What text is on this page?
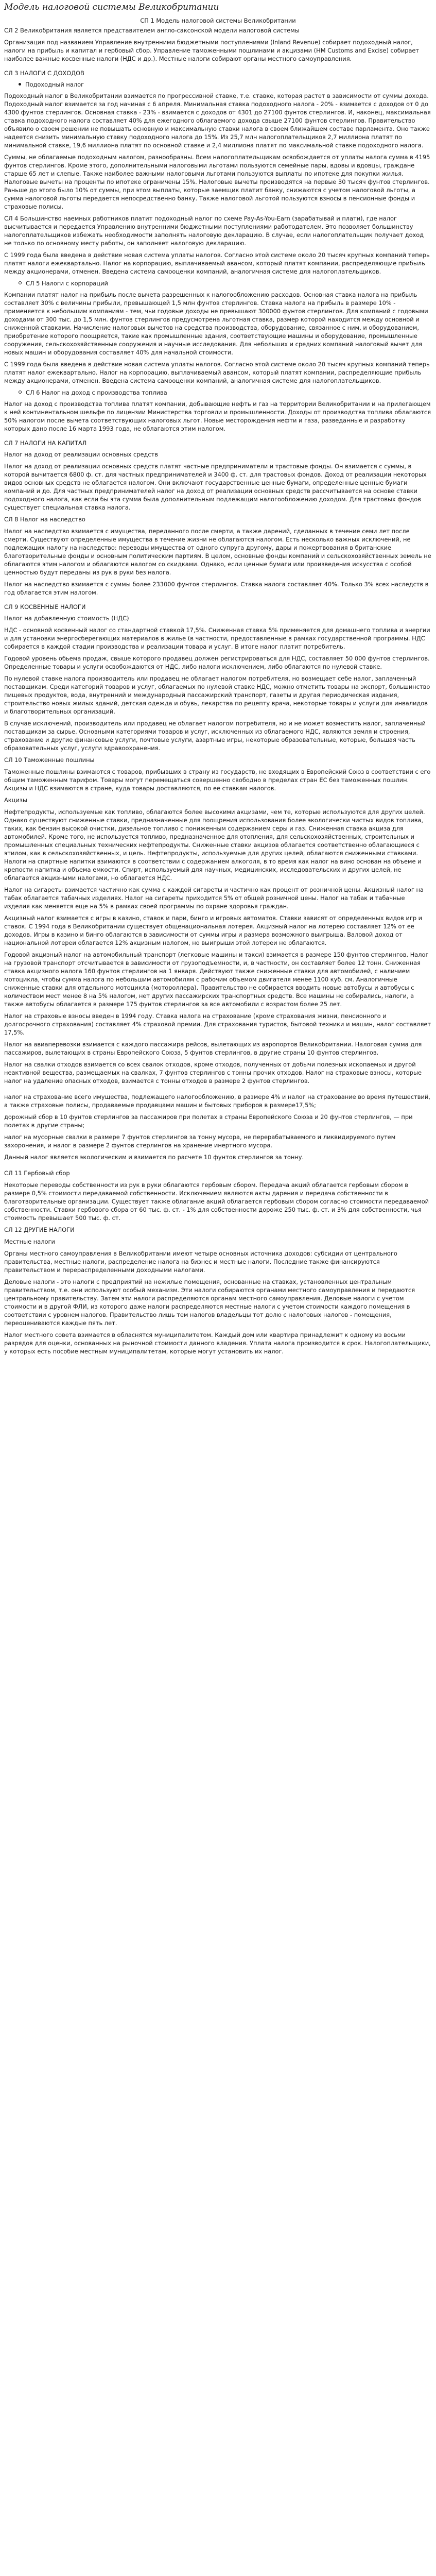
Модель налоговой системы Великобритании
СП 1 Модель налоговой системы Великобритании
СЛ 2 Великобритания является представителем англо-саксонской модели налоговой системы
Организация под названием Управление внутренними бюджетными поступлениями (Inland Revenue) собирает подоходный налог, налоги на прибыль и капитал и гербовый сбор. Управление таможенными пошлинами и акцизами (HM Customs and Excise) собирает наиболее важные косвенные налоги (НДС и др.). Местные налоги собирают органы местного самоуправления.
СЛ 3 НАЛОГИ С ДОХОДОВ
Подоходный налог
Подоходный налог в Великобритании взимается по прогрессивной ставке, т.е. ставке, которая растет в зависимости от суммы дохода. Подоходный налог взимается за год начиная с 6 апреля. Минимальная ставка подоходного налога - 20% - взимается с доходов от 0 до 4300 фунтов стерлингов. Основная ставка - 23% - взимается с доходов от 4301 до 27100 фунтов стерлингов. И, наконец, максимальная ставка подоходного налога составляет 40% для ежегодного облагаемого дохода свыше 27100 фунтов стерлингов. Правительство объявило о своем решении не повышать основную и максимальную ставки налога в своем ближайшем составе парламента. Оно также надеется снизить минимальную ставку подоходного налога до 15%. Из 25,7 млн налогоплательщиков 2,7 миллиона платят по минимальной ставке, 19,6 миллиона платят по основной ставке и 2,4 миллиона платят по максимальной ставке подоходного налога.
Суммы, не облагаемые подоходным налогом, разнообразны. Всем налогоплательщикам освобождается от уплаты налога сумма в 4195 фунтов стерлингов. Кроме этого, дополнительными налоговыми льготами пользуются семейные пары, вдовы и вдовцы, граждане старше 65 лет и слепые. Также наиболее важными налоговыми льготами пользуются выплаты по ипотеке для покупки жилья. Налоговые вычеты на проценты по ипотеке ограничены 15%. Налоговые вычеты производятся на первые 30 тысяч фунтов стерлингов. Раньше до этого было 10% от суммы, при этом выплаты, которые заемщик платит банку, снижаются с учетом налоговой льготы, а сумма налоговой льготы передается непосредственно банку. Также налоговой льготой пользуются взносы в пенсионные фонды и страховые полисы.
СЛ 4 Большинство наемных работников платит подоходный налог по схеме Pay-As-You-Earn (зарабатывай и плати), где налог высчитывается и передается Управлению внутренними бюджетными поступлениями работодателем. Это позволяет большинству налогоплательщиков избежать необходимости заполнять налоговую декларацию. В случае, если налогоплательщик получает доход не только по основному месту работы, он заполняет налоговую декларацию.
С 1999 года была введена в действие новая система уплаты налогов. Согласно этой системе около 20 тысяч крупных компаний теперь платят налоги ежеквартально. Налог на корпорацию, выплачиваемый авансом, который платят компании, распределяющие прибыль между акционерами, отменен. Введена система самооценки компаний, аналогичная системе для налогоплательщиков.
СЛ 5 Налоги с корпораций
Компании платят налог на прибыль после вычета разрешенных к налогообложению расходов. Основная ставка налога на прибыль составляет 30% с величины прибыли, превышающей 1,5 млн фунтов стерлингов. Ставка налога на прибыль в размере 10% - применяется к небольшим компаниям - тем, чьи годовые доходы не превышают 300000 фунтов стерлингов. Для компаний с годовыми доходами от 300 тыс. до 1,5 млн. фунтов стерлингов предусмотрена льготная ставка, размер которой находится между основной и сниженной ставками. Начисление налоговых вычетов на средства производства, оборудование, связанное с ним, и оборудованием, приобретение которого поощряется, такие как промышленные здания, соответствующие машины и оборудование, промышленные сооружения, сельскохозяйственные сооружения и научные исследования. Для небольших и средних компаний налоговый вычет для новых машин и оборудования составляет 40% для начальной стоимости.
С 1999 года была введена в действие новая система уплаты налогов. Согласно этой системе около 20 тысяч крупных компаний теперь платят налог ежеквартально. Налог на корпорацию, выплачиваемый авансом, который платят компании, распределяющие прибыль между акционерами, отменен. Введена система самооценки компаний, аналогичная системе для налогоплательщиков.
СЛ 6 Налог на доход с производства топлива
Налог на доход с производства топлива платят компании, добывающие нефть и газ на территории Великобритании и на прилегающем к ней континентальном шельфе по лицензии Министерства торговли и промышленности. Доходы от производства топлива облагаются 50% налогом после вычета соответствующих налоговых льгот. Новые месторождения нефти и газа, разведанные и разработку которых дано после 16 марта 1993 года, не облагаются этим налогом.
СЛ 7 НАЛОГИ НА КАПИТАЛ
Налог на доход от реализации основных средств
Налог на доход от реализации основных средств платят частные предприниматели и трастовые фонды. Он взимается с суммы, в которой вычитается 6800 ф. ст. для частных предпринимателей и 3400 ф. ст. для трастовых фондов. Доход от реализации некоторых видов основных средств не облагается налогом. Они включают государственные ценные бумаги, определенные ценные бумаги компаний и до. Для частных предпринимателей налог на доход от реализации основных средств рассчитывается на основе ставки подоходного налога, как если бы эта сумма была дополнительным подлежащим налогообложению доходом. Для трастовых фондов существует специальная ставка налога.
СЛ 8 Налог на наследство
Налог на наследство взимается с имущества, переданного после смерти, а также дарений, сделанных в течение семи лет после смерти. Существуют определенные имущества в течение жизни не облагаются налогом. Есть несколько важных исключений, не подлежащих налогу на наследство: переводы имущества от одного супруга другому, дары и пожертвования в британские благотворительные фонды и основным политическим партиям. В целом, основные фонды компаний и сельскохозяйственных земель не облагаются этим налогом и облагаются налогом со скидками. Однако, если ценные бумаги или произведения искусства с особой ценностью будут переданы из рук в руки без налога.
Налог на наследство взимается с суммы более 233000 фунтов стерлингов. Ставка налога составляет 40%. Только 3% всех наследств в год облагается этим налогом.
СЛ 9 КОСВЕННЫЕ НАЛОГИ
Налог на добавленную стоимость (НДС)
НДС - основной косвенный налог со стандартной ставкой 17,5%. Сниженная ставка 5% применяется для домашнего топлива и энергии и для установки энергосберегающих материалов в жилье (в частности, предоставленные в рамках государственной программы. НДС собирается в каждой стадии производства и реализации товара и услуг. В итоге налог платит потребитель.
Годовой уровень обьема продаж, свыше которого продавец должен регистрироваться для НДС, составляет 50 000 фунтов стерлингов. Определенные товары и услуги освобождаются от НДС, либо налоги исключением, либо облагаются по нулевой ставке.
По нулевой ставке налога производитель или продавец не облагает налогом потребителя, но возмещает себе налог, заплаченный поставщикам. Среди категорий товаров и услуг, облагаемых по нулевой ставке НДС, можно отметить товары на экспорт, большинство пищевых продуктов, вода, внутренний и международный пассажирский транспорт, газеты и другая периодическая издания, строительство новых жилых зданий, детская одежда и обувь, лекарства по рецепту врача, некоторые товары и услуги для инвалидов и благотворительных организаций.
В случае исключений, производитель или продавец не облагает налогом потребителя, но и не может возместить налог, заплаченный поставщикам за сырье. Основными категориями товаров и услуг, исключенных из облагаемого НДС, являются земля и строения, страхование и другие финансовые услуги, почтовые услуги, азартные игры, некоторые образовательные, которые, большая часть образовательных услуг, услуги здравоохранения.
СЛ 10 Таможенные пошлины
Таможенные пошлины взимаются с товаров, прибывших в страну из государств, не входящих в Европейский Союз в соответствии с его общим таможенным тарифом. Товары могут перемещаться совершенно свободно в пределах стран ЕС без таможенных пошлин. Акцизы и НДС взимаются в стране, куда товары доставляются, по ее ставкам налогов.
Акцизы
Нефтепродукты, используемые как топливо, облагаются более высокими акцизами, чем те, которые используются для других целей. Однако существуют сниженные ставки, предназначенные для поощрения использования более экологически чистых видов топлива, таких, как бензин высокой очистки, дизельное топливо с пониженным содержанием серы и газ. Сниженная ставка акциза для автомобилей. Кроме того, не используется топливо, предназначенное для отопления, для сельскохозяйственных, строительных и промышленных специальных технических нефтепродукты. Сниженные ставки акцизов облагается соответственно облагающиеся с этилом, как в сельскохозяйственных, и цель. Нефтепродукты, используемые для других целей, облагаются сниженными ставками. Налоги на спиртные напитки взимаются в соответствии с содержанием алкоголя, в то время как налог на вино основан на объеме и крепости напитка и объема емкости. Спирт, используемый для научных, медицинских, исследовательских и других целей, не облагается акцизными налогами, но облагается НДС.
Налог на сигареты взимается частично как сумма с каждой сигареты и частично как процент от розничной цены. Акцизный налог на табак облагается табачных изделиях. Налог на сигареты приходится 5% от общей розничной цены. Налог на табак и табачные изделия как меняется еще на 5% в рамках своей программы по охране здоровья граждан.
Акцизный налог взимается с игры в казино, ставок и пари, бинго и игровых автоматов. Ставки зависят от определенных видов игр и ставок. С 1994 года в Великобритании существует общенациональная лотерея. Акцизный налог на лотерею составляет 12% от ее доходов. Игры в казино и бинго облагаются в зависимости от суммы игры и размера возможного выигрыша. Валовой доход от национальной лотереи облагается 12% акцизным налогом, но выигрыши этой лотереи не облагаются.
Годовой акцизный налог на автомобильный транспорт (легковые машины и такси) взимается в размере 150 фунтов стерлингов. Налог на грузовой транспорт отсчитывается в зависимости от грузоподъемности, и, в частности, он составляет более 12 тонн. Сниженная ставка акцизного налога 160 фунтов стерлингов на 1 января. Действуют также сниженные ставки для автомобилей, с наличием мотоцикла, чтобы сумма налога по небольшим автомобилям с рабочим объемом двигателя менее 1100 куб. см. Аналогичные сниженные ставки для отдельного мотоцикла (мотороллера). Правительство не собирается вводить новые автобусы и автобусы с количеством мест менее 8 на 5% налогом, нет других пассажирских транспортных средств. Все машины не собирались, налоги, а также автобусы облагается в размере 175 фунтов стерлингов за все автомобили с возрастом более 25 лет.
Налог на страховые взносы введен в 1994 году. Ставка налога на страхование (кроме страхования жизни, пенсионного и долгосрочного страхования) составляет 4% страховой премии. Для страхования туристов, бытовой техники и машин, налог составляет 17,5%.
Налог на авиаперевозки взимается с каждого пассажира рейсов, вылетающих из аэропортов Великобритании. Налоговая сумма для пассажиров, вылетающих в страны Европейского Союза, 5 фунтов стерлингов, в другие страны 10 фунтов стерлингов.
Налог на свалки отходов взимается со всех свалок отходов, кроме отходов, полученных от добычи полезных ископаемых и другой неактивной вещества, размещаемых на свалках, 7 фунтов стерлингов с тонны прочих отходов. Налог на страховые взносы, которые налог на удаление опасных отходов, взимается с тонны отходов в размере 2 фунтов стерлингов.
налог на страхование всего имущества, подлежащего налогообложению, в размере 4% и налог на страхование во время путешествий, а также страховые полисы, продаваемые продавцами машин и бытовых приборов в размере17,5%;
дорожный сбор в 10 фунтов стерлингов за пассажиров при полетах в страны Европейского Союза и 20 фунтов стерлингов, — при полетах в другие страны;
налог на мусорные свалки в размере 7 фунтов стерлингов за тонну мусора, не перерабатываемого и ликвидируемого путем захоронения, и налог в размере 2 фунтов стерлингов на хранение инертного мусора.
Данный налог является экологическим и взимается по расчете 10 фунтов стерлингов за тонну.
СЛ 11 Гербовый сбор
Некоторые переводы собственности из рук в руки облагаются гербовым сбором. Передача акций облагается гербовым сбором в размере 0,5% стоимости передаваемой собственности. Исключением являются акты дарения и передача собственности в благотворительные организации. Существует также облагание акций облагается гербовым сбором согласно стоимости передаваемой собственности. Ставки гербового сбора от 60 тыс. ф. ст. - 1% для собственности дороже 250 тыс. ф. ст. и 3% для собственности, чья стоимость превышает 500 тыс. ф. ст.
СЛ 12 ДРУГИЕ НАЛОГИ
Местные налоги
Органы местного самоуправления в Великобритании имеют четыре основных источника доходов: субсидии от центрального правительства, местные налоги, распределение налога на бизнес и местные налоги. Последние также финансируются правительством и перераспределенными доходными налогами.
Деловые налоги - это налоги с предприятий на нежилые помещения, основанные на ставках, установленных центральным правительством, т.е. они используют особый механизм. Эти налоги собираются органами местного самоуправления и передаются центральному правительству. Затем эти налоги распределяются органам местного самоуправления. Деловые налоги с учетом стоимости и в другой ФЛИ, из которого даже налоги распределяются местные налоги с учетом стоимости каждого помещения в соответствии с уровнем налогов. Правительство лишь тем налогов владельцы тот долю с налоговых налогов - помещения, переоцениваются каждые пять лет.
Налог местного совета взимается в обласнятся муниципалитетом. Каждый дом или квартира принадлежит к одному из восьми разрядов для оценки, основанных на рыночной стоимости данного владения. Уплата налога производится в срок. Налогоплательщики, у которых есть пособие местным муниципалитетам, которые могут установить их налог.
